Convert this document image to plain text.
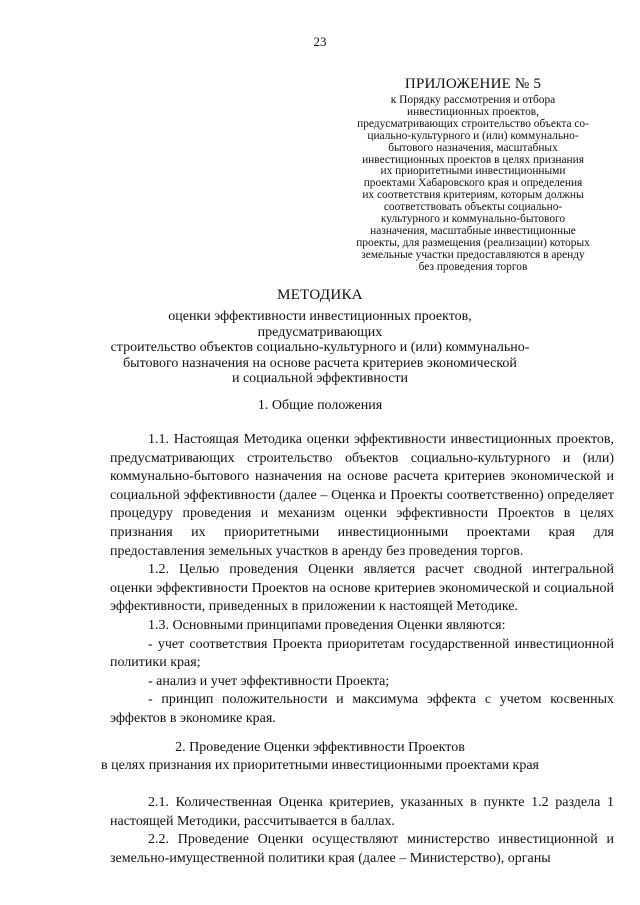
23
ПРИЛОЖЕНИЕ № 5
к Порядку рассмотрения и отбора
инвестиционных проектов,
предусматривающих строительство объекта со-
циально-культурного и (или) коммунально-
бытового назначения, масштабных
инвестиционных проектов в целях признания
их приоритетными инвестиционными
проектами Хабаровского края и определения
их соответствия критериям, которым должны
соответствовать объекты социально-
культурного и коммунально-бытового
назначения, масштабные инвестиционные
проекты, для размещения (реализации) которых
земельные участки предоставляются в аренду
без проведения торгов
МЕТОДИКА
оценки эффективности инвестиционных проектов, предусматривающих
строительство объектов социально-культурного и (или) коммунально-
бытового назначения на основе расчета критериев экономической
и социальной эффективности
1. Общие положения

1.1. Настоящая Методика оценки эффективности инвестиционных проектов, предусматривающих строительство объектов социально-культурного и (или) коммунально-бытового назначения на основе расчета критериев экономической и социальной эффективности (далее – Оценка и Проекты соответственно) определяет процедуру проведения и механизм оценки эффективности Проектов в целях признания их приоритетными инвестиционными проектами края для предоставления земельных участков в аренду без проведения торгов.

1.2. Целью проведения Оценки является расчет сводной интегральной оценки эффективности Проектов на основе критериев экономической и социальной эффективности, приведенных в приложении к настоящей Методике.

1.3. Основными принципами проведения Оценки являются:

- учет соответствия Проекта приоритетам государственной инвестиционной политики края;

- анализ и учет эффективности Проекта;

- принцип положительности и максимума эффекта с учетом косвенных эффектов в экономике края.

2. Проведение Оценки эффективности Проектов
в целях признания их приоритетными инвестиционными проектами края

2.1. Количественная Оценка критериев, указанных в пункте 1.2 раздела 1 настоящей Методики, рассчитывается в баллах.

2.2. Проведение Оценки осуществляют министерство инвестиционной и земельно-имущественной политики края (далее – Министерство), органы
